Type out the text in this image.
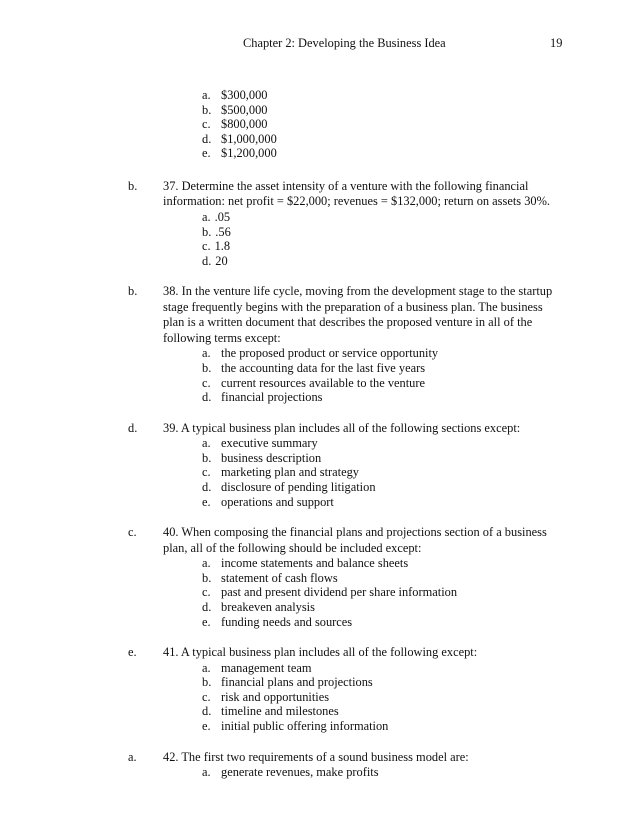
Chapter 2: Developing the Business Idea	19
a. $300,000
b. $500,000
c. $800,000
d. $1,000,000
e. $1,200,000
b. 37. Determine the asset intensity of a venture with the following financial
information: net profit = $22,000; revenues = $132,000; return on assets 30%.
a. .05
b. .56
c. 1.8
d. 20
b. 38. In the venture life cycle, moving from the development stage to the startup
stage frequently begins with the preparation of a business plan. The business
plan is a written document that describes the proposed venture in all of the
following terms except:
a. the proposed product or service opportunity
b. the accounting data for the last five years
c. current resources available to the venture
d. financial projections
d. 39. A typical business plan includes all of the following sections except:
a. executive summary
b. business description
c. marketing plan and strategy
d. disclosure of pending litigation
e. operations and support
c. 40. When composing the financial plans and projections section of a business
plan, all of the following should be included except:
a. income statements and balance sheets
b. statement of cash flows
c. past and present dividend per share information
d. breakeven analysis
e. funding needs and sources
e. 41. A typical business plan includes all of the following except:
a. management team
b. financial plans and projections
c. risk and opportunities
d. timeline and milestones
e. initial public offering information
a. 42. The first two requirements of a sound business model are:
a. generate revenues, make profits
